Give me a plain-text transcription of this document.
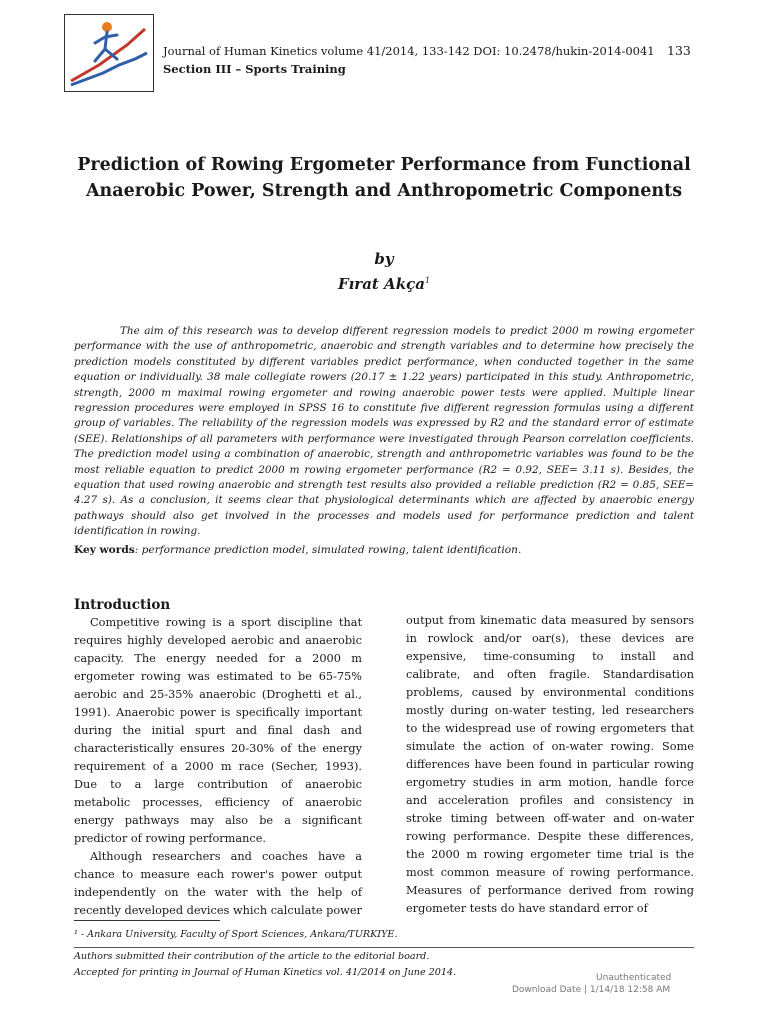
Journal of Human Kinetics volume 41/2014, 133-142 DOI: 10.2478/hukin-2014-0041 133
Section III – Sports Training
Prediction of Rowing Ergometer Performance from Functional Anaerobic Power, Strength and Anthropometric Components
by
Fırat Akça$^1$

The aim of this research was to develop different regression models to predict 2000 m rowing ergometer performance with the use of anthropometric, anaerobic and strength variables and to determine how precisely the prediction models constituted by different variables predict performance, when conducted together in the same equation or individually. 38 male collegiate rowers (20.17 ± 1.22 years) participated in this study. Anthropometric, strength, 2000 m maximal rowing ergometer and rowing anaerobic power tests were applied. Multiple linear regression procedures were employed in SPSS 16 to constitute five different regression formulas using a different group of variables. The reliability of the regression models was expressed by R2 and the standard error of estimate (SEE). Relationships of all parameters with performance were investigated through Pearson correlation coefficients. The prediction model using a combination of anaerobic, strength and anthropometric variables was found to be the most reliable equation to predict 2000 m rowing ergometer performance (R2 = 0.92, SEE= 3.11 s). Besides, the equation that used rowing anaerobic and strength test results also provided a reliable prediction (R2 = 0.85, SEE= 4.27 s). As a conclusion, it seems clear that physiological determinants which are affected by anaerobic energy pathways should also get involved in the processes and models used for performance prediction and talent identification in rowing.

Key words: performance prediction model, simulated rowing, talent identification.

Introduction

Competitive rowing is a sport discipline that requires highly developed aerobic and anaerobic capacity. The energy needed for a 2000 m ergometer rowing was estimated to be 65-75% aerobic and 25-35% anaerobic (Droghetti et al., 1991). Anaerobic power is specifically important during the initial spurt and final dash and characteristically ensures 20-30% of the energy requirement of a 2000 m race (Secher, 1993). Due to a large contribution of anaerobic metabolic processes, efficiency of anaerobic energy pathways may also be a significant predictor of rowing performance.

Although researchers and coaches have a chance to measure each rower's power output independently on the water with the help of recently developed devices which calculate power

output from kinematic data measured by sensors in rowlock and/or oar(s), these devices are expensive, time-consuming to install and calibrate, and often fragile. Standardisation problems, caused by environmental conditions mostly during on-water testing, led researchers to the widespread use of rowing ergometers that simulate the action of on-water rowing. Some differences have been found in particular rowing ergometry studies in arm motion, handle force and acceleration profiles and consistency in stroke timing between off-water and on-water rowing performance. Despite these differences, the 2000 m rowing ergometer time trial is the most common measure of rowing performance. Measures of performance derived from rowing ergometer tests do have standard error of

¹ - Ankara University, Faculty of Sport Sciences, Ankara/TURKIYE.
Authors submitted their contribution of the article to the editorial board.
Accepted for printing in Journal of Human Kinetics vol. 41/2014 on June 2014.	Unauthenticated
Download Date | 1/14/18 12:58 AM
